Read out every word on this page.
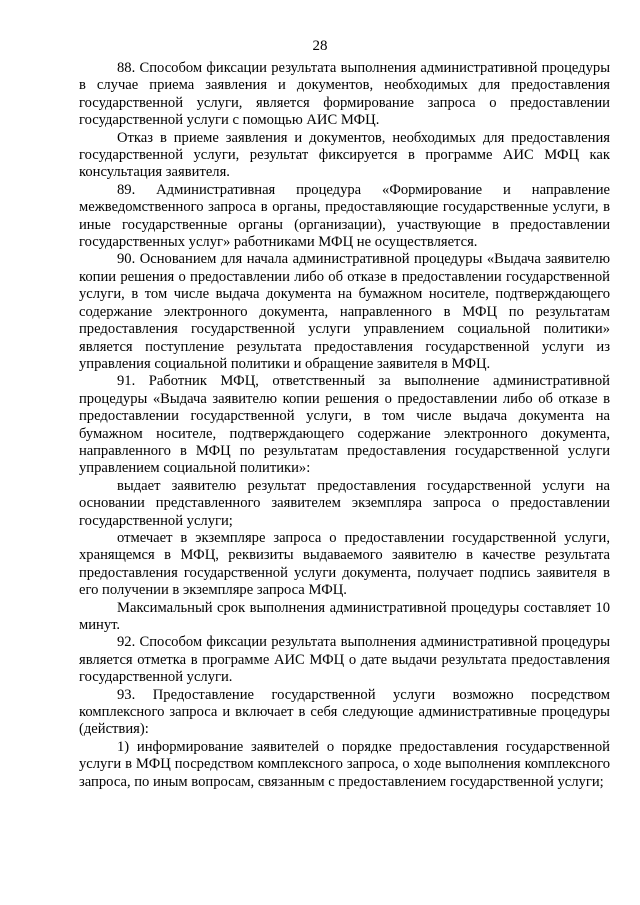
28

88. Способом фиксации результата выполнения административной процедуры в случае приема заявления и документов, необходимых для предоставления государственной услуги, является формирование запроса о предоставлении государственной услуги с помощью АИС МФЦ.

Отказ в приеме заявления и документов, необходимых для предоставления государственной услуги, результат фиксируется в программе АИС МФЦ как консультация заявителя.

89. Административная процедура «Формирование и направление межведомственного запроса в органы, предоставляющие государственные услуги, в иные государственные органы (организации), участвующие в предоставлении государственных услуг» работниками МФЦ не осуществляется.

90. Основанием для начала административной процедуры «Выдача заявителю копии решения о предоставлении либо об отказе в предоставлении государственной услуги, в том числе выдача документа на бумажном носителе, подтверждающего содержание электронного документа, направленного в МФЦ по результатам предоставления государственной услуги управлением социальной политики» является поступление результата предоставления государственной услуги из управления социальной политики и обращение заявителя в МФЦ.

91. Работник МФЦ, ответственный за выполнение административной процедуры «Выдача заявителю копии решения о предоставлении либо об отказе в предоставлении государственной услуги, в том числе выдача документа на бумажном носителе, подтверждающего содержание электронного документа, направленного в МФЦ по результатам предоставления государственной услуги управлением социальной политики»:

выдает заявителю результат предоставления государственной услуги на основании представленного заявителем экземпляра запроса о предоставлении государственной услуги;

отмечает в экземпляре запроса о предоставлении государственной услуги, хранящемся в МФЦ, реквизиты выдаваемого заявителю в качестве результата предоставления государственной услуги документа, получает подпись заявителя в его получении в экземпляре запроса МФЦ.

Максимальный срок выполнения административной процедуры составляет 10 минут.

92. Способом фиксации результата выполнения административной процедуры является отметка в программе АИС МФЦ о дате выдачи результата предоставления государственной услуги.

93. Предоставление государственной услуги возможно посредством комплексного запроса и включает в себя следующие административные процедуры (действия):

1) информирование заявителей о порядке предоставления государственной услуги в МФЦ посредством комплексного запроса, о ходе выполнения комплексного запроса, по иным вопросам, связанным с предоставлением государственной услуги;
